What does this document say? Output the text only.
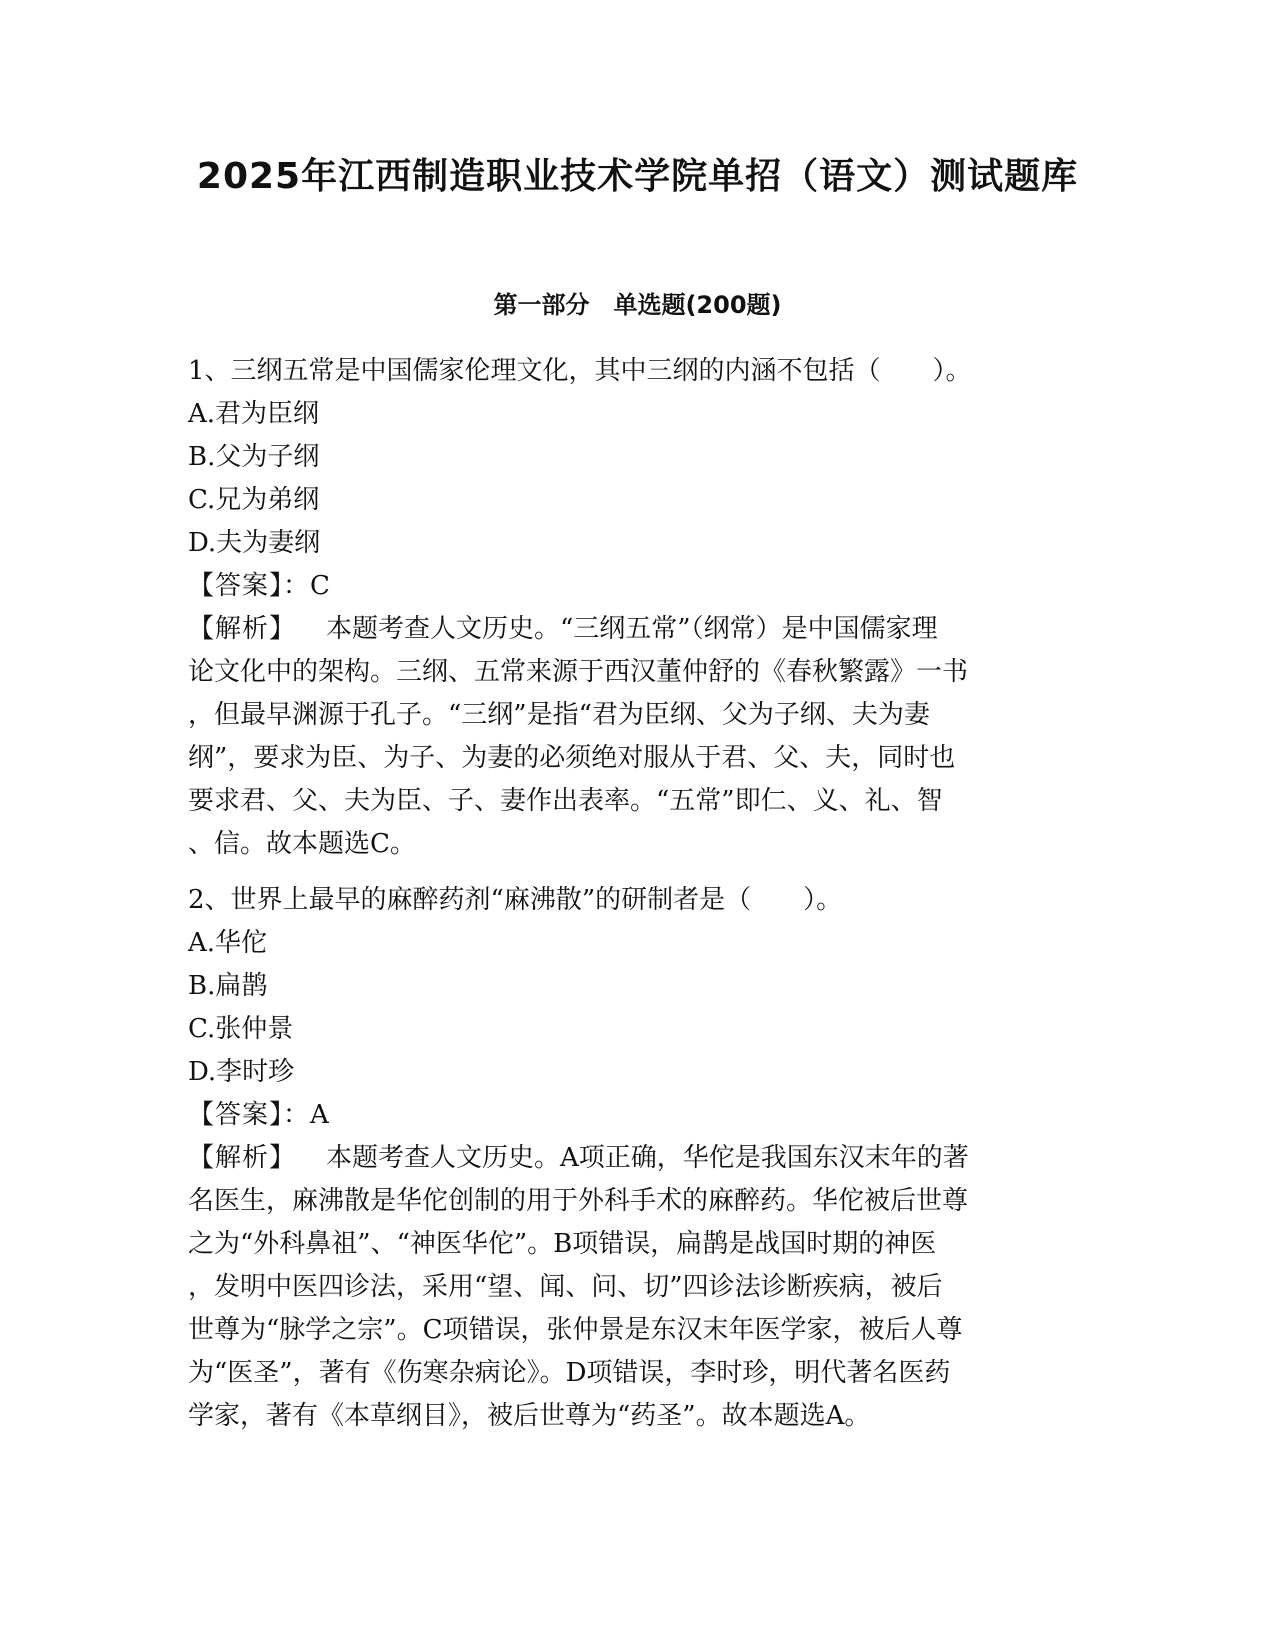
2025年江西制造职业技术学院单招（语文）测试题库
第一部分　单选题(200题)
1、三纲五常是中国儒家伦理文化，其中三纲的内涵不包括（　　）。
A.君为臣纲
B.父为子纲
C.兄为弟纲
D.夫为妻纲
【答案】：C
【解析】 本题考查人文历史。“三纲五常”（纲常）是中国儒家理
论文化中的架构。三纲、五常来源于西汉董仲舒的《春秋繁露》一书
，但最早渊源于孔子。“三纲”是指“君为臣纲、父为子纲、夫为妻
纲”，要求为臣、为子、为妻的必须绝对服从于君、父、夫，同时也
要求君、父、夫为臣、子、妻作出表率。“五常”即仁、义、礼、智
、信。故本题选C。
2、世界上最早的麻醉药剂“麻沸散”的研制者是（　　）。
A.华佗
B.扁鹊
C.张仲景
D.李时珍
【答案】：A
【解析】 本题考查人文历史。A项正确，华佗是我国东汉末年的著
名医生，麻沸散是华佗创制的用于外科手术的麻醉药。华佗被后世尊
之为“外科鼻祖”、“神医华佗”。B项错误，扁鹊是战国时期的神医
，发明中医四诊法，采用“望、闻、问、切”四诊法诊断疾病，被后
世尊为“脉学之宗”。C项错误，张仲景是东汉末年医学家，被后人尊
为“医圣”，著有《伤寒杂病论》。D项错误，李时珍，明代著名医药
学家，著有《本草纲目》，被后世尊为“药圣”。故本题选A。
